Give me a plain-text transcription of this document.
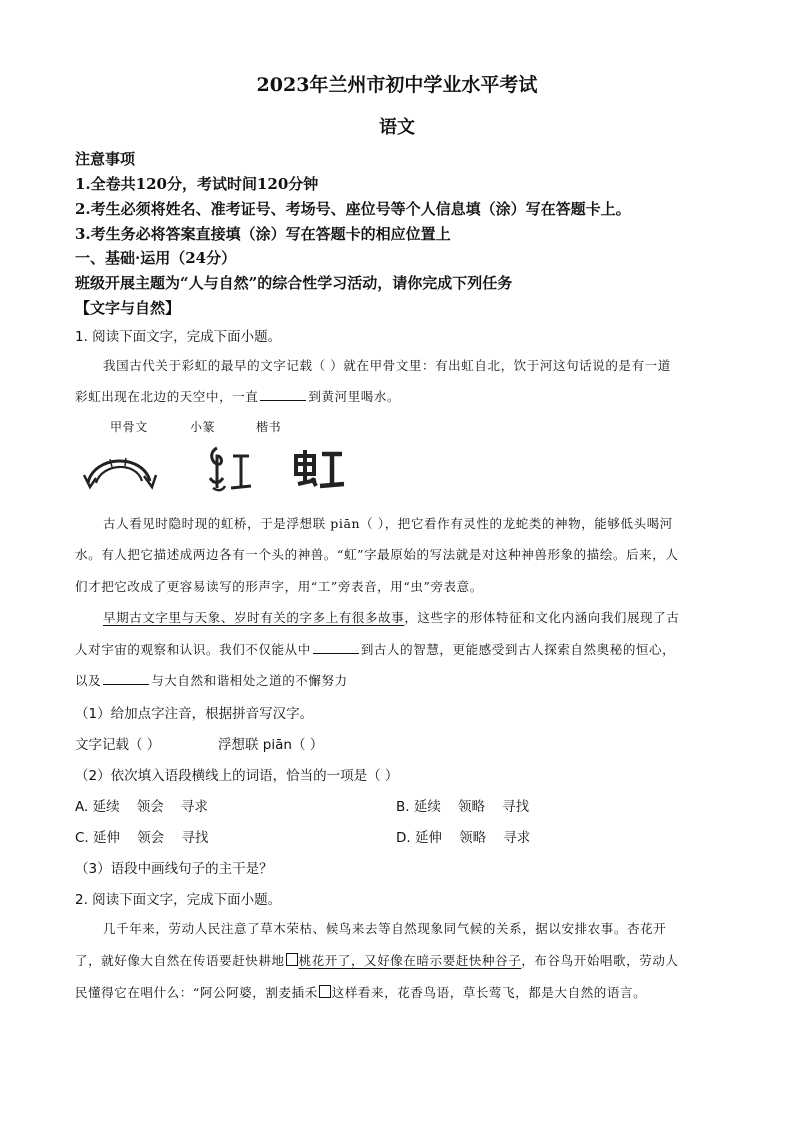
2023年兰州市初中学业水平考试
语文
注意事项
1.全卷共120分，考试时间120分钟
2.考生必须将姓名、准考证号、考场号、座位号等个人信息填（涂）写在答题卡上。
3.考生务必将答案直接填（涂）写在答题卡的相应位置上
一、基础·运用（24分）
班级开展主题为“人与自然”的综合性学习活动，请你完成下列任务
【文字与自然】
1. 阅读下面文字，完成下面小题。
我国古代关于彩虹的最早的文字记载（ ）就在甲骨文里：有出虹自北，饮于河这句话说的是有一道
彩虹出现在北边的天空中，一直	到黄河里喝水。
甲骨文	小篆	楷书
古人看见时隐时现的虹桥，于是浮想联 piān（ ），把它看作有灵性的龙蛇类的神物，能够低头喝河
水。有人把它描述成两边各有一个头的神兽。“虹”字最原始的写法就是对这种神兽形象的描绘。后来，人
们才把它改成了更容易读写的形声字，用“工”旁表音，用“虫”旁表意。
早期古文字里与天象、岁时有关的字多上有很多故事，这些字的形体特征和文化内涵向我们展现了古
人对宇宙的观察和认识。我们不仅能从中	到古人的智慧，更能感受到古人探索自然奥秘的恒心，
以及	与大自然和谐相处之道的不懈努力
（1）给加点字注音，根据拼音写汉字。
文字记载（ ）	浮想联 piān（ ）
（2）依次填入语段横线上的词语，恰当的一项是（ ）
A. 延续    领会    寻求	B. 延续    领略    寻找
C. 延伸    领会    寻找	D. 延伸    领略    寻求
（3）语段中画线句子的主干是？
2. 阅读下面文字，完成下面小题。
几千年来，劳动人民注意了草木荣枯、候鸟来去等自然现象同气候的关系，据以安排农事。杏花开
了，就好像大自然在传语要赶快耕地 桃花开了，又好像在暗示要赶快种谷子，布谷鸟开始唱歌，劳动人
民懂得它在唱什么：“阿公阿婆，割麦插禾 这样看来，花香鸟语，草长莺飞，都是大自然的语言。
